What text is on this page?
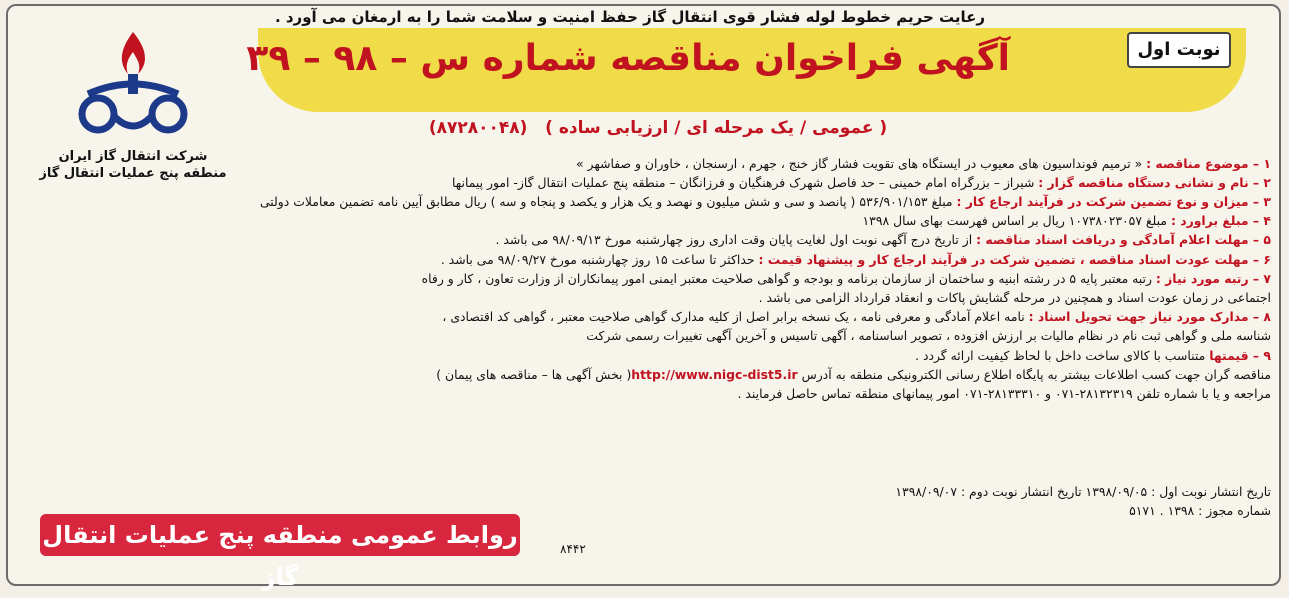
رعایت حریم خطوط لوله فشار قوی انتقال گاز حفظ امنیت و سلامت شما را به ارمغان می آورد .
آگهی فراخوان مناقصه شماره س – ۹۸ – ۳۹	نوبت اول
( عمومی / یک مرحله ای / ارزیابی ساده )   (۸۷۲۸۰۰۴۸)
شرکت انتقال گاز ایران
منطقه پنج عملیات انتقال گاز
۱ – موضوع مناقصه : « ترمیم فونداسیون های معیوب در ایستگاه های تقویت فشار گاز خنج ، جهرم ، ارسنجان ، خاوران و صفاشهر »
۲ – نام و نشانی دستگاه مناقصه گزار : شیراز – بزرگراه امام خمینی – حد فاصل شهرک فرهنگیان و فرزانگان – منطقه پنج عملیات انتقال گاز- امور پیمانها
۳ – میزان و نوع تضمین شرکت در فرآیند ارجاع کار : مبلغ ۵۳۶/۹۰۱/۱۵۳ ( پانصد و سی و شش میلیون و نهصد و یک هزار و یکصد و پنجاه و سه ) ریال مطابق آیین نامه تضمین معاملات دولتی
۴ – مبلغ براورد : مبلغ ۱۰۷۳۸۰۲۳۰۵۷ ریال بر اساس فهرست بهای سال ۱۳۹۸
۵ – مهلت اعلام آمادگی و دریافت اسناد مناقصه : از تاریخ درج آگهی نوبت اول لغایت پایان وقت اداری روز چهارشنبه مورخ ۹۸/۰۹/۱۳ می باشد .
۶ – مهلت عودت اسناد مناقصه ، تضمین شرکت در فرآیند ارجاع کار و پیشنهاد قیمت : حداکثر تا ساعت ۱۵ روز چهارشنبه مورخ ۹۸/۰۹/۲۷ می باشد .
۷ – رتبه مورد نیاز : رتبه معتبر پایه ۵ در رشته ابنیه و ساختمان از سازمان برنامه و بودجه و گواهی صلاحیت معتبر ایمنی امور پیمانکاران از وزارت تعاون ، کار و رفاه
اجتماعی در زمان عودت اسناد و همچنین در مرحله گشایش پاکات و انعقاد قرارداد الزامی می باشد .
۸ – مدارک مورد نیاز جهت تحویل اسناد : نامه اعلام آمادگی و معرفی نامه ، یک نسخه برابر اصل از کلیه مدارک گواهی صلاحیت معتبر ، گواهی کد اقتصادی ،
شناسه ملی و گواهی ثبت نام در نظام مالیات بر ارزش افزوده ، تصویر اساسنامه ، آگهی تاسیس و آخرین آگهی تغییرات رسمی شرکت
۹ – قیمتها متناسب با کالای ساخت داخل با لحاظ کیفیت ارائه گردد .
مناقصه گران جهت کسب اطلاعات بیشتر به پایگاه اطلاع رسانی الکترونیکی منطقه به آدرس http://www.nigc-dist5.ir( بخش آگهی ها – مناقصه های پیمان )
مراجعه و یا با شماره تلفن ۲۸۱۳۲۳۱۹-۰۷۱ و ۲۸۱۳۳۳۱۰-۰۷۱ امور پیمانهای منطقه تماس حاصل فرمایند .
تاریخ انتشار نوبت اول : ۱۳۹۸/۰۹/۰۵ تاریخ انتشار نوبت دوم : ۱۳۹۸/۰۹/۰۷
شماره مجوز : ۱۳۹۸ . ۵۱۷۱
روابط عمومی منطقه پنج عملیات انتقال گاز
۸۴۴۲
